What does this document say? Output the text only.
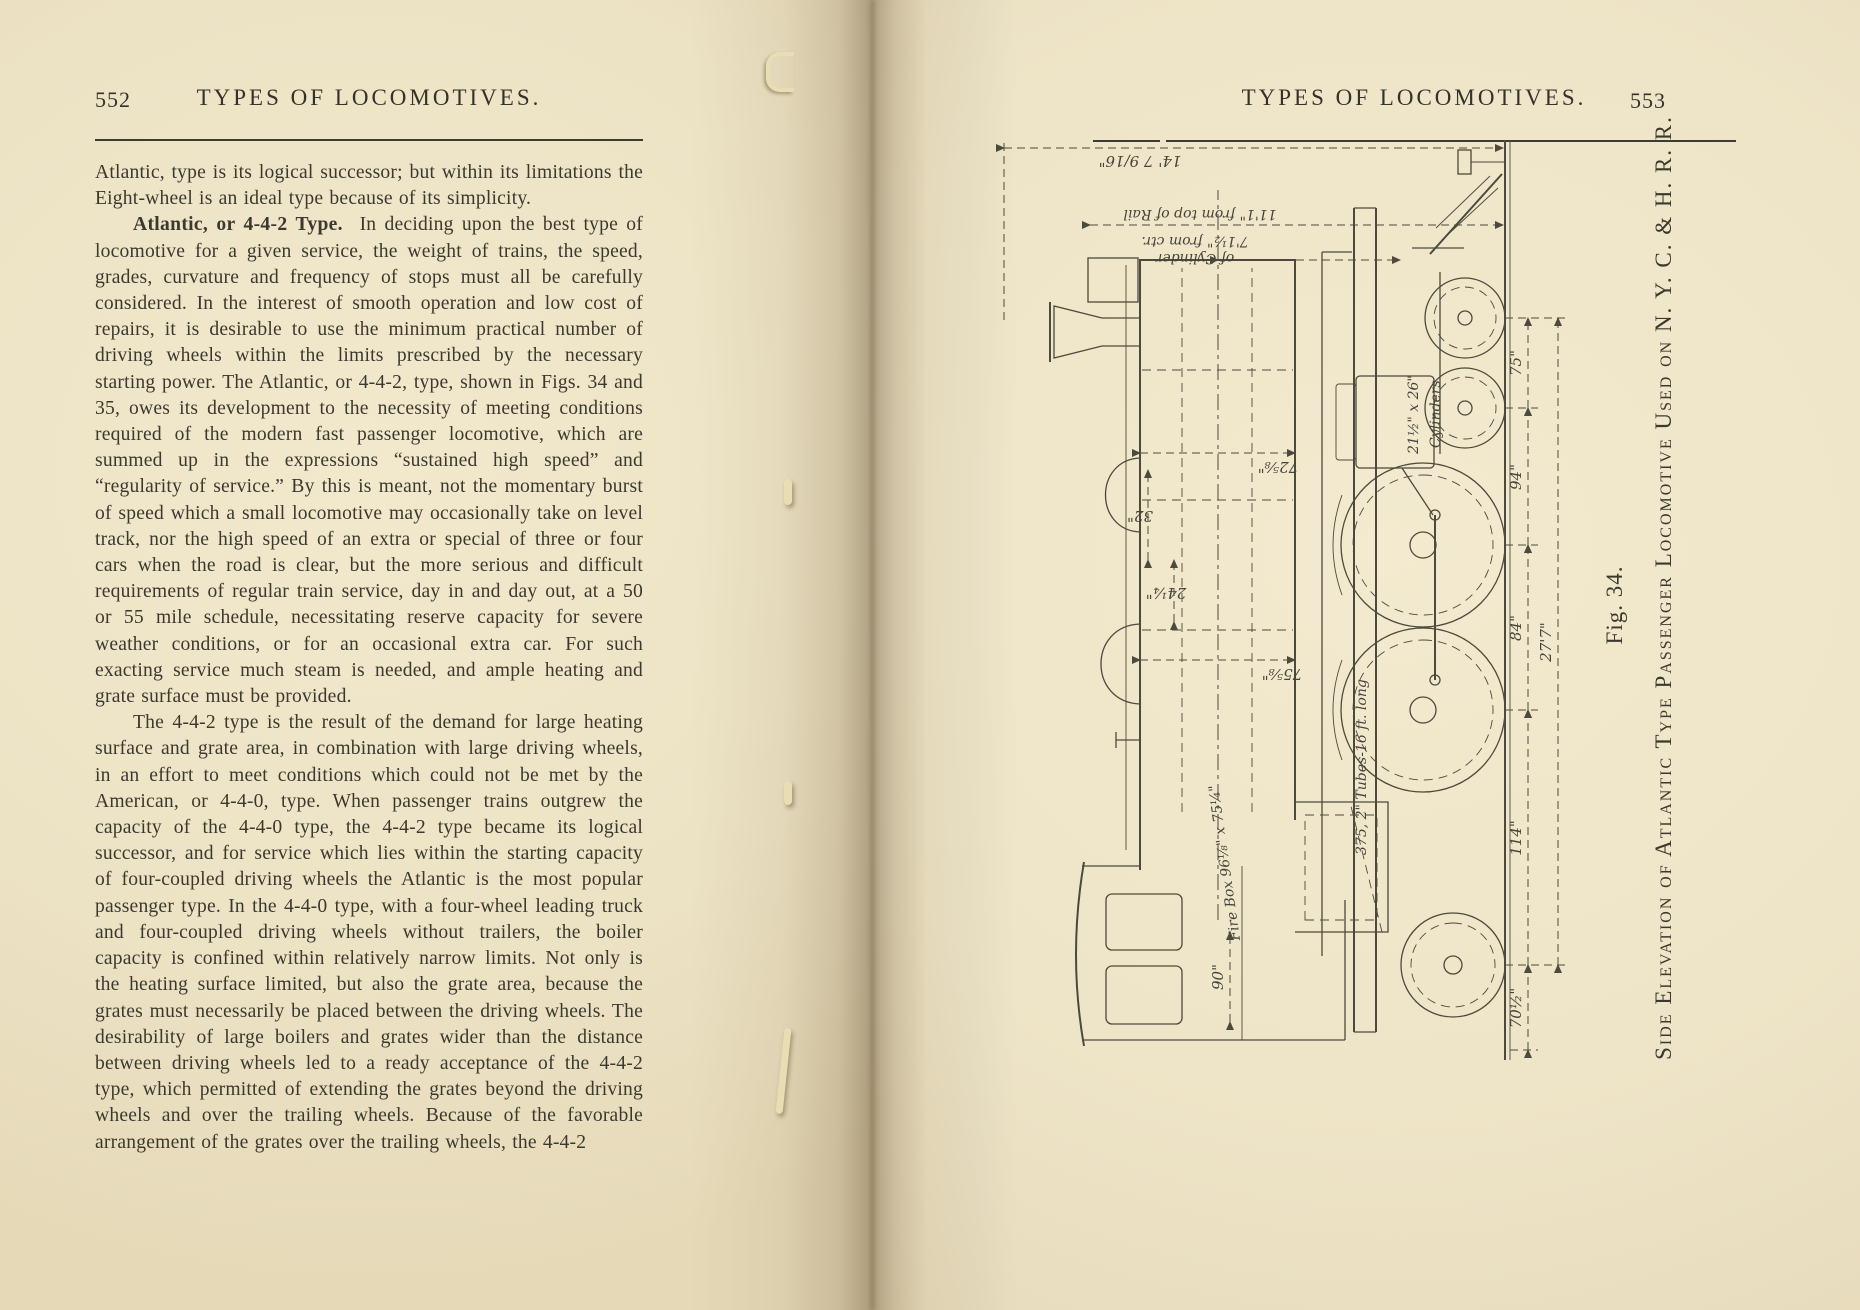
552	TYPES OF LOCOMOTIVES.

Atlantic, type is its logical successor; but within its limitations the Eight-wheel is an ideal type because of its simplicity.

Atlantic, or 4-4-2 Type. In deciding upon the best type of locomotive for a given service, the weight of trains, the speed, grades, curvature and frequency of stops must all be carefully considered. In the interest of smooth operation and low cost of repairs, it is desirable to use the minimum practical number of driving wheels within the limits prescribed by the necessary starting power. The Atlantic, or 4-4-2, type, shown in Figs. 34 and 35, owes its development to the necessity of meeting conditions required of the modern fast passenger locomotive, which are summed up in the expressions “sustained high speed” and “regularity of service.” By this is meant, not the momentary burst of speed which a small locomotive may occasionally take on level track, nor the high speed of an extra or special of three or four cars when the road is clear, but the more serious and difficult requirements of regular train service, day in and day out, at a 50 or 55 mile schedule, necessitating reserve capacity for severe weather conditions, or for an occasional extra car. For such exacting service much steam is needed, and ample heating and grate surface must be provided.

The 4-4-2 type is the result of the demand for large heating surface and grate area, in combination with large driving wheels, in an effort to meet conditions which could not be met by the American, or 4-4-0, type. When passenger trains outgrew the capacity of the 4-4-0 type, the 4-4-2 type became its logical successor, and for service which lies within the starting capacity of four-coupled driving wheels the Atlantic is the most popular passenger type. In the 4-4-0 type, with a four-wheel leading truck and four-coupled driving wheels without trailers, the boiler capacity is confined within relatively narrow limits. Not only is the heating surface limited, but also the grate area, because the grates must necessarily be placed between the driving wheels. The desirability of large boilers and grates wider than the distance between driving wheels led to a ready acceptance of the 4-4-2 type, which permitted of extending the grates beyond the driving wheels and over the trailing wheels. Because of the favorable arrangement of the grates over the trailing wheels, the 4-4-2

TYPES OF LOCOMOTIVES.	553
21½" x 26" Cylinders
14' 7 9/16"
11'1" from top of Rail
7'1½" from ctr.
of Cylinder
72⅝"
75⅝"
32"
24¼"
375, 2" Tubes-16 ft. long
Fire Box 96⅛" x 75¼"
90"
70½"
114"
84"
94"
75"
27'7" Fig. 34. Side Elevation of Atlantic Type Passenger Locomotive Used on N. Y. C. & H. R. R.
